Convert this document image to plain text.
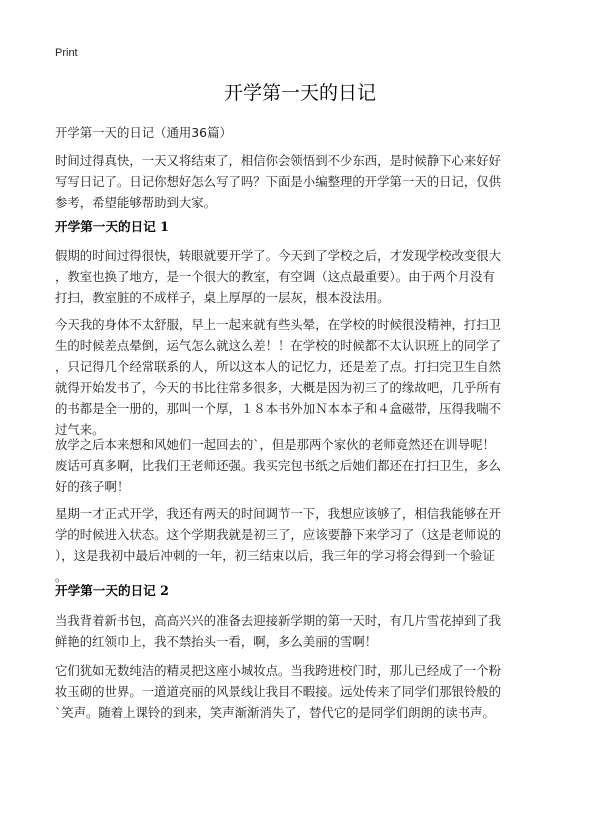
Print
开学第一天的日记
开学第一天的日记（通用36篇）
时间过得真快，一天又将结束了，相信你会领悟到不少东西，是时候静下心来好好
写写日记了。日记你想好怎么写了吗？下面是小编整理的开学第一天的日记，仅供
参考，希望能够帮助到大家。
开学第一天的日记 1
假期的时间过得很快，转眼就要开学了。今天到了学校之后，才发现学校改变很大
，教室也换了地方，是一个很大的教室，有空调（这点最重要）。由于两个月没有
打扫，教室脏的不成样子，桌上厚厚的一层灰，根本没法用。
今天我的身体不太舒服，早上一起来就有些头晕，在学校的时候很没精神，打扫卫
生的时候差点晕倒，运气怎么就这么差！！在学校的时候都不太认识班上的同学了
，只记得几个经常联系的人，所以这本人的记忆力，还是差了点。打扫完卫生自然
就得开始发书了，今天的书比往常多很多，大概是因为初三了的缘故吧，几乎所有
的书都是全一册的，那叫一个厚，１８本书外加Ｎ本本子和４盒磁带，压得我喘不
过气来。
放学之后本来想和风她们一起回去的`，但是那两个家伙的老师竟然还在训导呢！
废话可真多啊，比我们王老师还强。我买完包书纸之后她们都还在打扫卫生，多么
好的孩子啊！
星期一才正式开学，我还有两天的时间调节一下，我想应该够了，相信我能够在开
学的时候进入状态。这个学期我就是初三了，应该要静下来学习了（这是老师说的
），这是我初中最后冲刺的一年，初三结束以后，我三年的学习将会得到一个验证
。
开学第一天的日记 2
当我背着新书包，高高兴兴的准备去迎接新学期的第一天时，有几片雪花掉到了我
鲜艳的红领巾上，我不禁抬头一看，啊，多么美丽的雪啊！
它们犹如无数纯洁的精灵把这座小城妆点。当我跨进校门时，那儿已经成了一个粉
妆玉砌的世界。一道道亮丽的风景线让我目不暇接。远处传来了同学们那银铃般的
`笑声。随着上课铃的到来，笑声渐渐消失了，替代它的是同学们朗朗的读书声。
